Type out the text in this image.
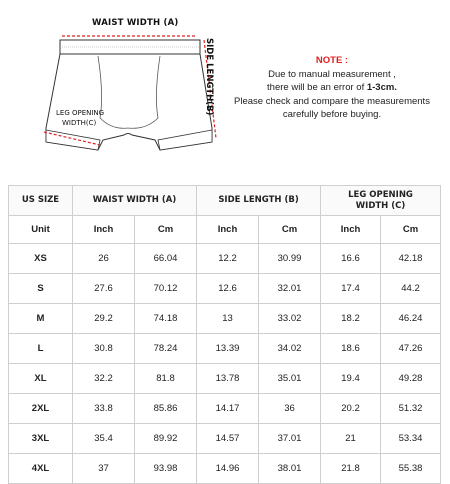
WAIST WIDTH (A)
SIDE LENGTH(B)
LEG OPENING
WIDTH(C)
NOTE :
Due to manual measurement ,
there will be an error of 1-3cm.
Please check and compare the measurements
carefully before buying.
US SIZE	WAIST WIDTH (A)		SIDE LENGTH (B)		LEG OPENING
WIDTH (C)	

Unit	Inch	Cm	Inch	Cm	Inch	Cm
XS	26	66.04	12.2	30.99	16.6	42.18
S	27.6	70.12	12.6	32.01	17.4	44.2
M	29.2	74.18	13	33.02	18.2	46.24
L	30.8	78.24	13.39	34.02	18.6	47.26
XL	32.2	81.8	13.78	35.01	19.4	49.28
2XL	33.8	85.86	14.17	36	20.2	51.32
3XL	35.4	89.92	14.57	37.01	21	53.34
4XL	37	93.98	14.96	38.01	21.8	55.38
